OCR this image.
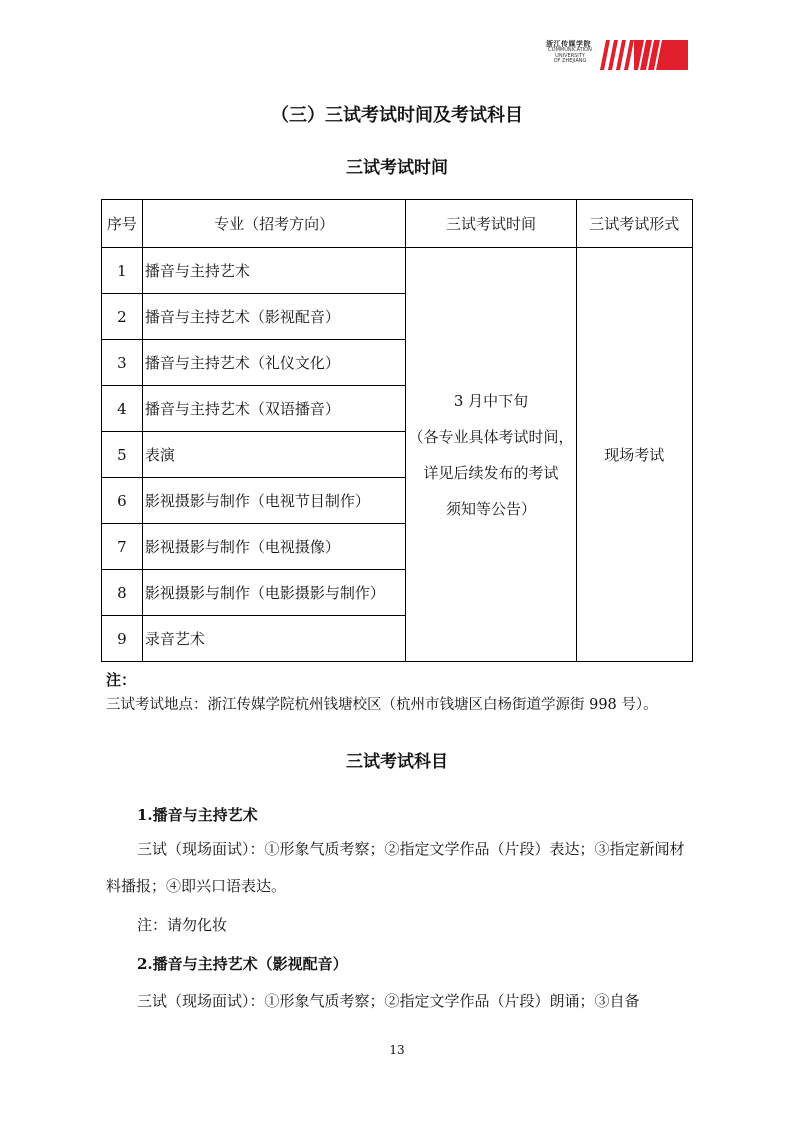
浙江传媒学院
COMMUNICATION
UNIVERSITY
OF ZHEJIANG
（三）三试考试时间及考试科目
三试考试时间
序号	专业（招考方向）	三试考试时间	三试考试形式
1	播音与主持艺术	3 月中下旬
（各专业具体考试时间，
详见后续发布的考试
须知等公告）	现场考试
2	播音与主持艺术（影视配音）		
3	播音与主持艺术（礼仪文化）		
4	播音与主持艺术（双语播音）		
5	表演		
6	影视摄影与制作（电视节目制作）		
7	影视摄影与制作（电视摄像）		
8	影视摄影与制作（电影摄影与制作）		
9	录音艺术		
注：
三试考试地点：浙江传媒学院杭州钱塘校区（杭州市钱塘区白杨街道学源街 998 号）。
三试考试科目
1.播音与主持艺术
三试（现场面试）：①形象气质考察；②指定文学作品（片段）表达；③指定新闻材料播报；④即兴口语表达。
注：请勿化妆
2.播音与主持艺术（影视配音）
三试（现场面试）：①形象气质考察；②指定文学作品（片段）朗诵；③自备
13
